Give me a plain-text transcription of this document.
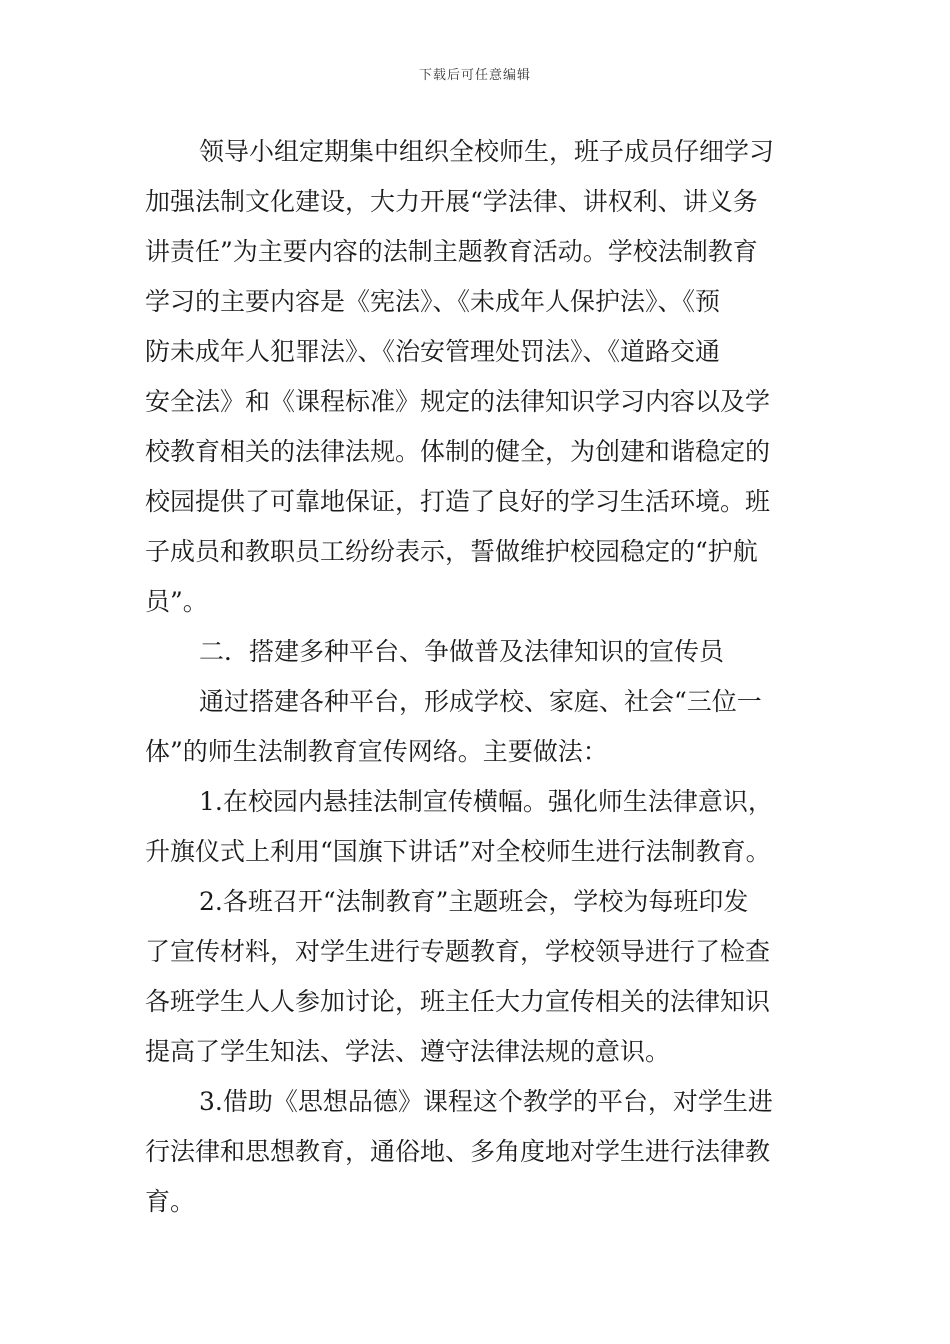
下载后可任意编辑
领导小组定期集中组织全校师生，班子成员仔细学习
加强法制文化建设，大力开展“学法律、讲权利、讲义务
讲责任”为主要内容的法制主题教育活动。学校法制教育
学习的主要内容是《宪法》、《未成年人保护法》、《预
防未成年人犯罪法》、《治安管理处罚法》、《道路交通
安全法》和《课程标准》规定的法律知识学习内容以及学
校教育相关的法律法规。体制的健全，为创建和谐稳定的
校园提供了可靠地保证，打造了良好的学习生活环境。班
子成员和教职员工纷纷表示，誓做维护校园稳定的“护航
员”。
二．搭建多种平台、争做普及法律知识的宣传员
通过搭建各种平台，形成学校、家庭、社会“三位一
体”的师生法制教育宣传网络。主要做法：
1.在校园内悬挂法制宣传横幅。强化师生法律意识，
升旗仪式上利用“国旗下讲话”对全校师生进行法制教育。
2.各班召开“法制教育”主题班会，学校为每班印发
了宣传材料，对学生进行专题教育，学校领导进行了检查
各班学生人人参加讨论，班主任大力宣传相关的法律知识
提高了学生知法、学法、遵守法律法规的意识。
3.借助《思想品德》课程这个教学的平台，对学生进
行法律和思想教育，通俗地、多角度地对学生进行法律教
育。
